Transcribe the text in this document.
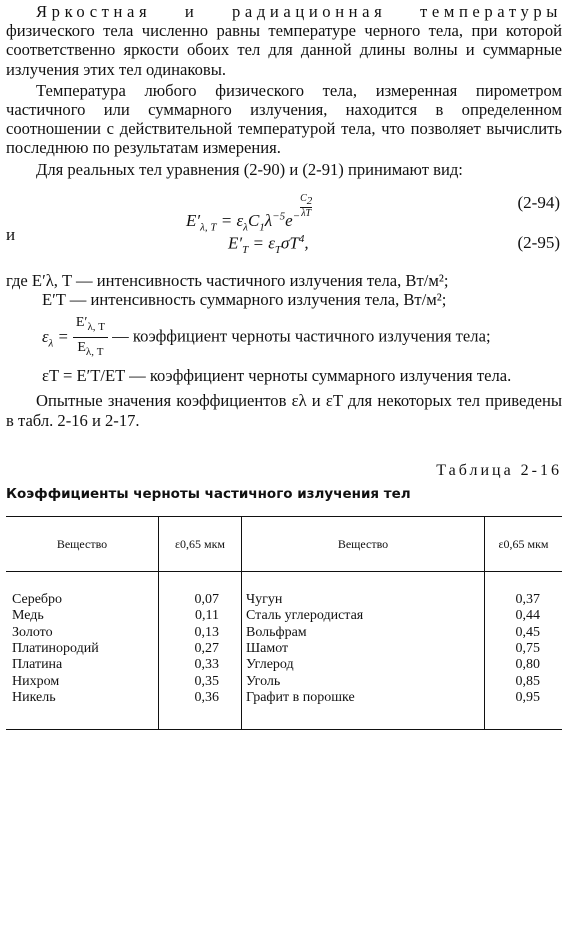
Яркостная и радиационная температуры физического тела численно равны температуре черного тела, при которой соответственно яркости обоих тел для данной длины волны и суммарные излучения этих тел одинаковы.

Температура любого физического тела, измеренная пирометром частичного или суммарного излучения, находится в определенном соотношении с действительной температурой тела, что позволяет вычислить последнюю по результатам измерения.

Для реальных тел уравнения (2-90) и (2-91) принимают вид:

$E'_{\lambda, T} = \varepsilon_\lambda C_1\lambda^{-5}e^- \frac{C_2}{\lambda T}$	(2-94)
и	$E'_T = \varepsilon_T\sigma T^4$,	(2-95)
где E′λ, T — интенсивность частичного излучения тела, Вт/м²;
E′T — интенсивность суммарного излучения тела, Вт/м²;
$\varepsilon_\lambda = \frac{E'_{\lambda, T}}{E_{\lambda, T}}$ — коэффициент черноты частичного излучения тела;
εT = E′T/ET — коэффициент черноты суммарного излучения тела.

Опытные значения коэффициентов ελ и εT для некоторых тел приведены в табл. 2-16 и 2-17.

Таблица 2-16
Коэффициенты черноты частичного излучения тел
Вещество	ε0,65 мкм	Вещество	ε0,65 мкм
Серебро	0,07	Чугун	0,37
Медь	0,11	Сталь углеродистая	0,44
Золото	0,13	Вольфрам	0,45
Платинородий	0,27	Шамот	0,75
Платина	0,33	Углерод	0,80
Нихром	0,35	Уголь	0,85
Никель	0,36	Графит в порошке	0,95
